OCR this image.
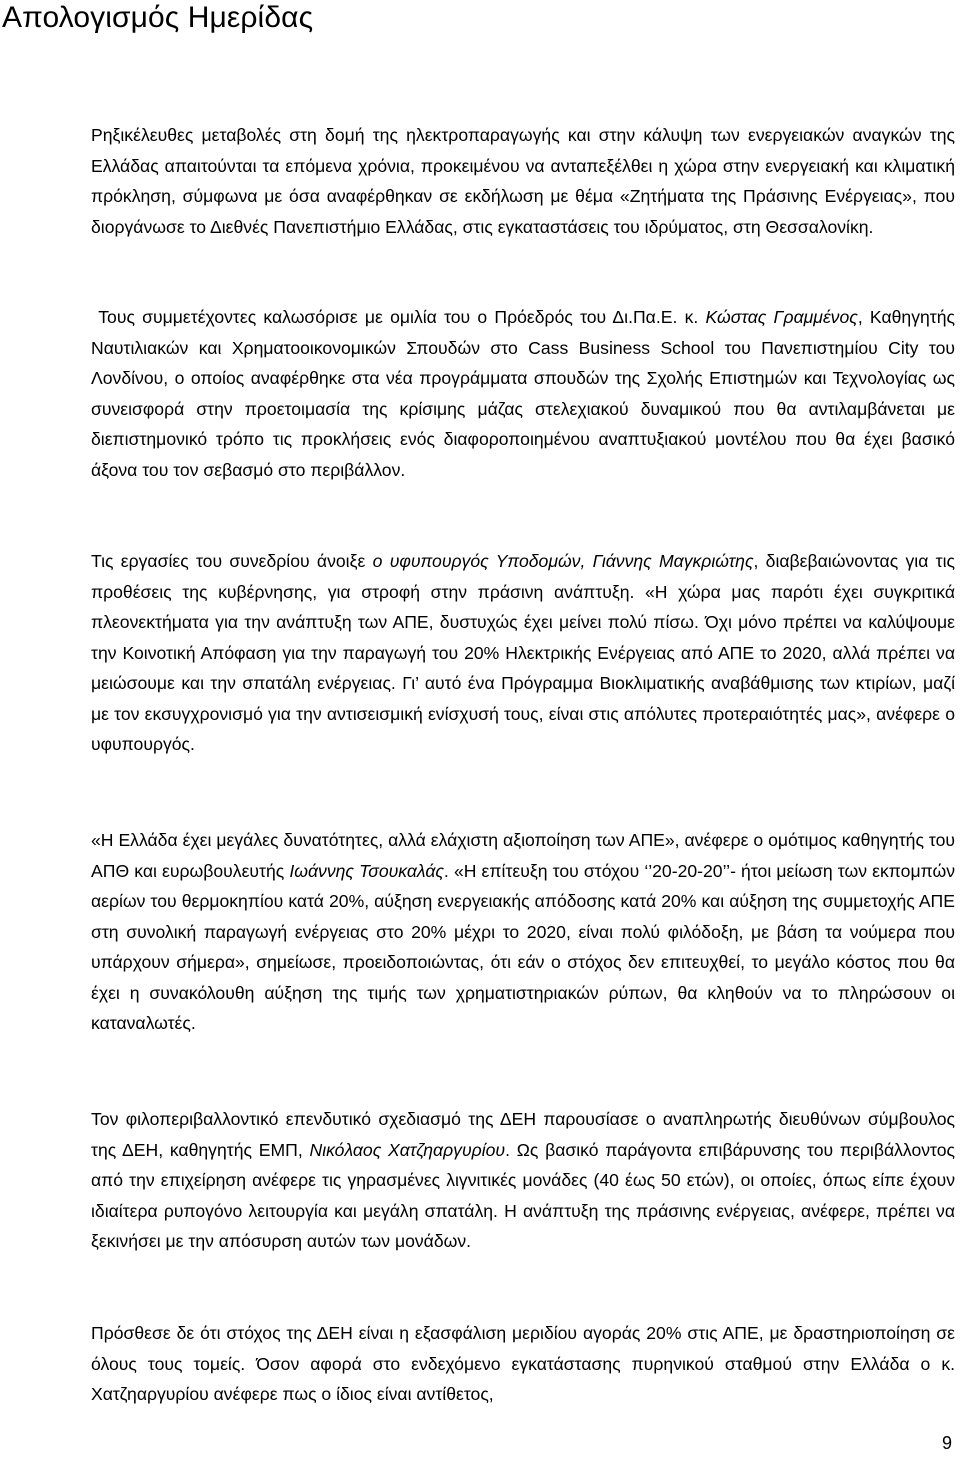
Απολογισμός Ημερίδας

Ρηξικέλευθες μεταβολές στη δομή της ηλεκτροπαραγωγής και στην κάλυψη των ενεργειακών αναγκών της Ελλάδας απαιτούνται τα επόμενα χρόνια, προκειμένου να ανταπεξέλθει η χώρα στην ενεργειακή και κλιματική πρόκληση, σύμφωνα με όσα αναφέρθηκαν σε εκδήλωση με θέμα «Ζητήματα της Πράσινης Ενέργειας», που διοργάνωσε το Διεθνές Πανεπιστήμιο Ελλάδας, στις εγκαταστάσεις του ιδρύματος, στη Θεσσαλονίκη.

Τους συμμετέχοντες καλωσόρισε με ομιλία του ο Πρόεδρός του Δι.Πα.Ε. κ. Κώστας Γραμμένος, Καθηγητής Ναυτιλιακών και Χρηματοοικονομικών Σπουδών στο Cass Business School του Πανεπιστημίου City του Λονδίνου, ο οποίος αναφέρθηκε στα νέα προγράμματα σπουδών της Σχολής Επιστημών και Τεχνολογίας ως συνεισφορά στην προετοιμασία της κρίσιμης μάζας στελεχιακού δυναμικού που θα αντιλαμβάνεται με διεπιστημονικό τρόπο τις προκλήσεις ενός διαφοροποιημένου αναπτυξιακού μοντέλου που θα έχει βασικό άξονα του τον σεβασμό στο περιβάλλον.

Τις εργασίες του συνεδρίου άνοιξε ο υφυπουργός Υποδομών, Γιάννης Μαγκριώτης, διαβεβαιώνοντας για τις προθέσεις της κυβέρνησης, για στροφή στην πράσινη ανάπτυξη. «Η χώρα μας παρότι έχει συγκριτικά πλεονεκτήματα για την ανάπτυξη των ΑΠΕ, δυστυχώς έχει μείνει πολύ πίσω. Όχι μόνο πρέπει να καλύψουμε την Κοινοτική Απόφαση για την παραγωγή του 20% Ηλεκτρικής Ενέργειας από ΑΠΕ το 2020, αλλά πρέπει να μειώσουμε και την σπατάλη ενέργειας. Γι’ αυτό ένα Πρόγραμμα Βιοκλιματικής αναβάθμισης των κτιρίων, μαζί με τον εκσυγχρονισμό για την αντισεισμική ενίσχυσή τους, είναι στις απόλυτες προτεραιότητές μας», ανέφερε ο υφυπουργός.

«Η Ελλάδα έχει μεγάλες δυνατότητες, αλλά ελάχιστη αξιοποίηση των ΑΠΕ», ανέφερε ο ομότιμος καθηγητής του ΑΠΘ και ευρωβουλευτής Ιωάννης Τσουκαλάς. «Η επίτευξη του στόχου ‘’20-20-20’’- ήτοι μείωση των εκπομπών αερίων του θερμοκηπίου κατά 20%, αύξηση ενεργειακής απόδοσης κατά 20% και αύξηση της συμμετοχής ΑΠΕ στη συνολική παραγωγή ενέργειας στο 20% μέχρι το 2020, είναι πολύ φιλόδοξη, με βάση τα νούμερα που υπάρχουν σήμερα», σημείωσε, προειδοποιώντας, ότι εάν ο στόχος δεν επιτευχθεί, το μεγάλο κόστος που θα έχει η συνακόλουθη αύξηση της τιμής των χρηματιστηριακών ρύπων, θα κληθούν να το πληρώσουν οι καταναλωτές.

Τον φιλοπεριβαλλοντικό επενδυτικό σχεδιασμό της ΔΕΗ παρουσίασε ο αναπληρωτής διευθύνων σύμβουλος της ΔΕΗ, καθηγητής ΕΜΠ, Νικόλαος Χατζηαργυρίου. Ως βασικό παράγοντα επιβάρυνσης του περιβάλλοντος από την επιχείρηση ανέφερε τις γηρασμένες λιγνιτικές μονάδες (40 έως 50 ετών), οι οποίες, όπως είπε έχουν ιδιαίτερα ρυπογόνο λειτουργία και μεγάλη σπατάλη. Η ανάπτυξη της πράσινης ενέργειας, ανέφερε, πρέπει να ξεκινήσει με την απόσυρση αυτών των μονάδων.

Πρόσθεσε δε ότι στόχος της ΔΕΗ είναι η εξασφάλιση μεριδίου αγοράς 20% στις ΑΠΕ, με δραστηριοποίηση σε όλους τους τομείς. Όσον αφορά στο ενδεχόμενο εγκατάστασης πυρηνικού σταθμού στην Ελλάδα ο κ. Χατζηαργυρίου ανέφερε πως ο ίδιος είναι αντίθετος,

9
